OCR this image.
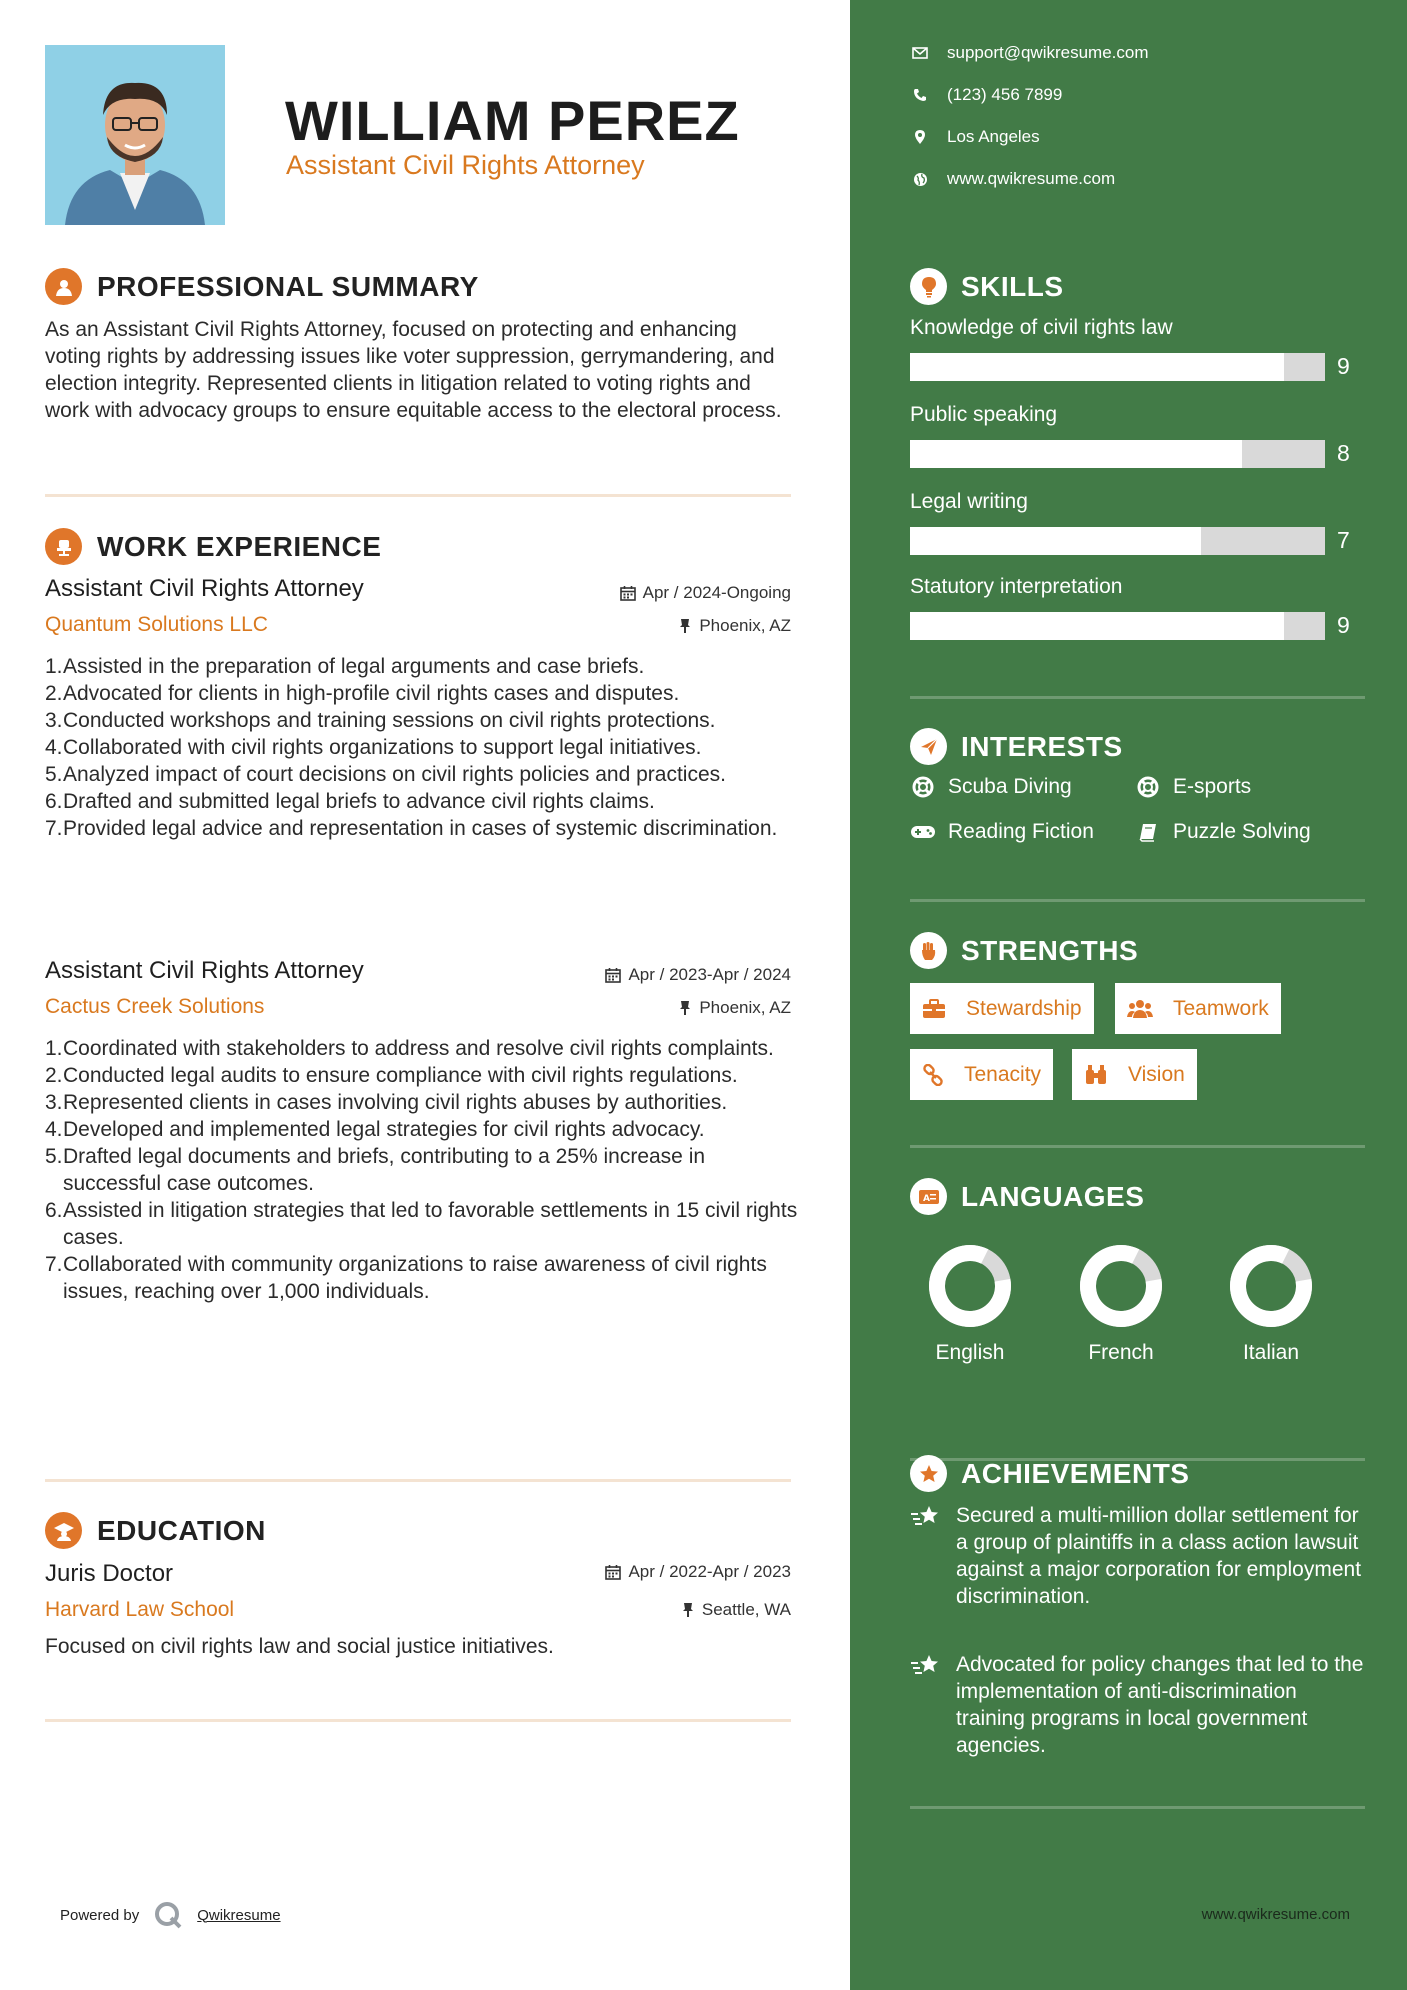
WILLIAM PEREZ
Assistant Civil Rights Attorney
PROFESSIONAL SUMMARY
As an Assistant Civil Rights Attorney, focused on protecting and enhancing voting rights by addressing issues like voter suppression, gerrymandering, and election integrity. Represented clients in litigation related to voting rights and work with advocacy groups to ensure equitable access to the electoral process.
WORK EXPERIENCE
Assistant Civil Rights Attorney
Quantum Solutions LLC
Apr / 2024-Ongoing
Phoenix, AZ
1. Assisted in the preparation of legal arguments and case briefs.
2. Advocated for clients in high-profile civil rights cases and disputes.
3. Conducted workshops and training sessions on civil rights protections.
4. Collaborated with civil rights organizations to support legal initiatives.
5. Analyzed impact of court decisions on civil rights policies and practices.
6. Drafted and submitted legal briefs to advance civil rights claims.
7. Provided legal advice and representation in cases of systemic discrimination.
Assistant Civil Rights Attorney
Cactus Creek Solutions
Apr / 2023-Apr / 2024
Phoenix, AZ
1. Coordinated with stakeholders to address and resolve civil rights complaints.
2. Conducted legal audits to ensure compliance with civil rights regulations.
3. Represented clients in cases involving civil rights abuses by authorities.
4. Developed and implemented legal strategies for civil rights advocacy.
5. Drafted legal documents and briefs, contributing to a 25% increase in successful case outcomes.
6. Assisted in litigation strategies that led to favorable settlements in 15 civil rights cases.
7. Collaborated with community organizations to raise awareness of civil rights issues, reaching over 1,000 individuals.
EDUCATION
Juris Doctor
Harvard Law School
Apr / 2022-Apr / 2023
Seattle, WA
Focused on civil rights law and social justice initiatives.
Powered by	Qwikresume
support@qwikresume.com
(123) 456 7899
Los Angeles
www.qwikresume.com
SKILLS
Knowledge of civil rights law
9
Public speaking
8
Legal writing
7
Statutory interpretation
9
INTERESTS
Scuba Diving	E-sports
Reading Fiction	Puzzle Solving
STRENGTHS
Stewardship	Teamwork
Tenacity	Vision
A LANGUAGES
English	French	Italian
ACHIEVEMENTS
Secured a multi-million dollar settlement for a group of plaintiffs in a class action lawsuit against a major corporation for employment discrimination.
Advocated for policy changes that led to the implementation of anti-discrimination training programs in local government agencies.
www.qwikresume.com
